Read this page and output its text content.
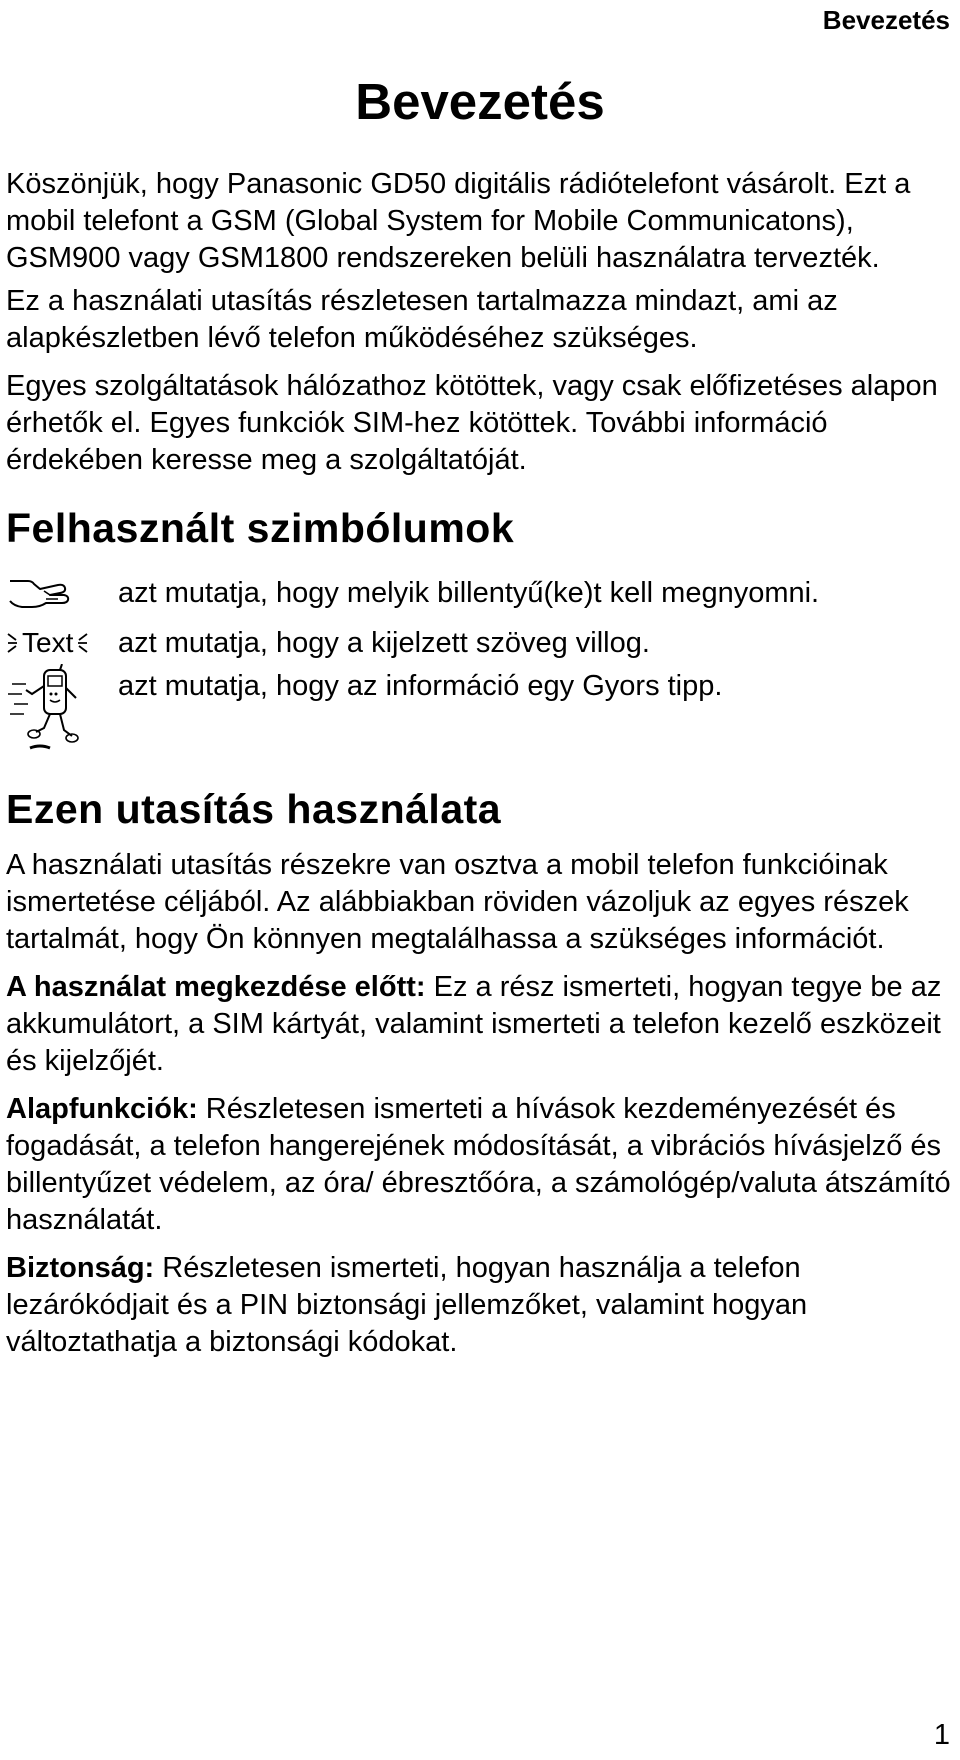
Bevezetés

Bevezetés

Köszönjük, hogy Panasonic GD50 digitális rádiótelefont vásárolt. Ezt a mobil telefont a GSM (Global System for Mobile Communicatons), GSM900 vagy GSM1800 rendszereken belüli használatra tervezték.

Ez a használati utasítás részletesen tartalmazza mindazt, ami az alapkészletben lévő telefon működéséhez szükséges.

Egyes szolgáltatások hálózathoz kötöttek, vagy csak előfizetéses alapon érhetők el. Egyes funkciók SIM-hez kötöttek. További információ érdekében keresse meg a szolgáltatóját.

Felhasznált szimbólumok
azt mutatja, hogy melyik billentyű(ke)t kell megnyomni.
Text azt mutatja, hogy a kijelzett szöveg villog.
azt mutatja, hogy az információ egy Gyors tipp.
Ezen utasítás használata

A használati utasítás részekre van osztva a mobil telefon funkcióinak ismertetése céljából. Az alábbiakban röviden vázoljuk az egyes részek tartalmát, hogy Ön könnyen megtalálhassa a szükséges információt.

A használat megkezdése előtt: Ez a rész ismerteti, hogyan tegye be az akkumulátort, a SIM kártyát, valamint ismerteti a telefon kezelő eszközeit és kijelzőjét.

Alapfunkciók: Részletesen ismerteti a hívások kezdeményezését és fogadását, a telefon hangerejének módosítását, a vibrációs hívásjelző és billentyűzet védelem, az óra/ ébresztőóra, a számológép/valuta átszámító használatát.

Biztonság: Részletesen ismerteti, hogyan használja a telefon lezárókódjait és a PIN biztonsági jellemzőket, valamint hogyan változtathatja a biztonsági kódokat.

1
